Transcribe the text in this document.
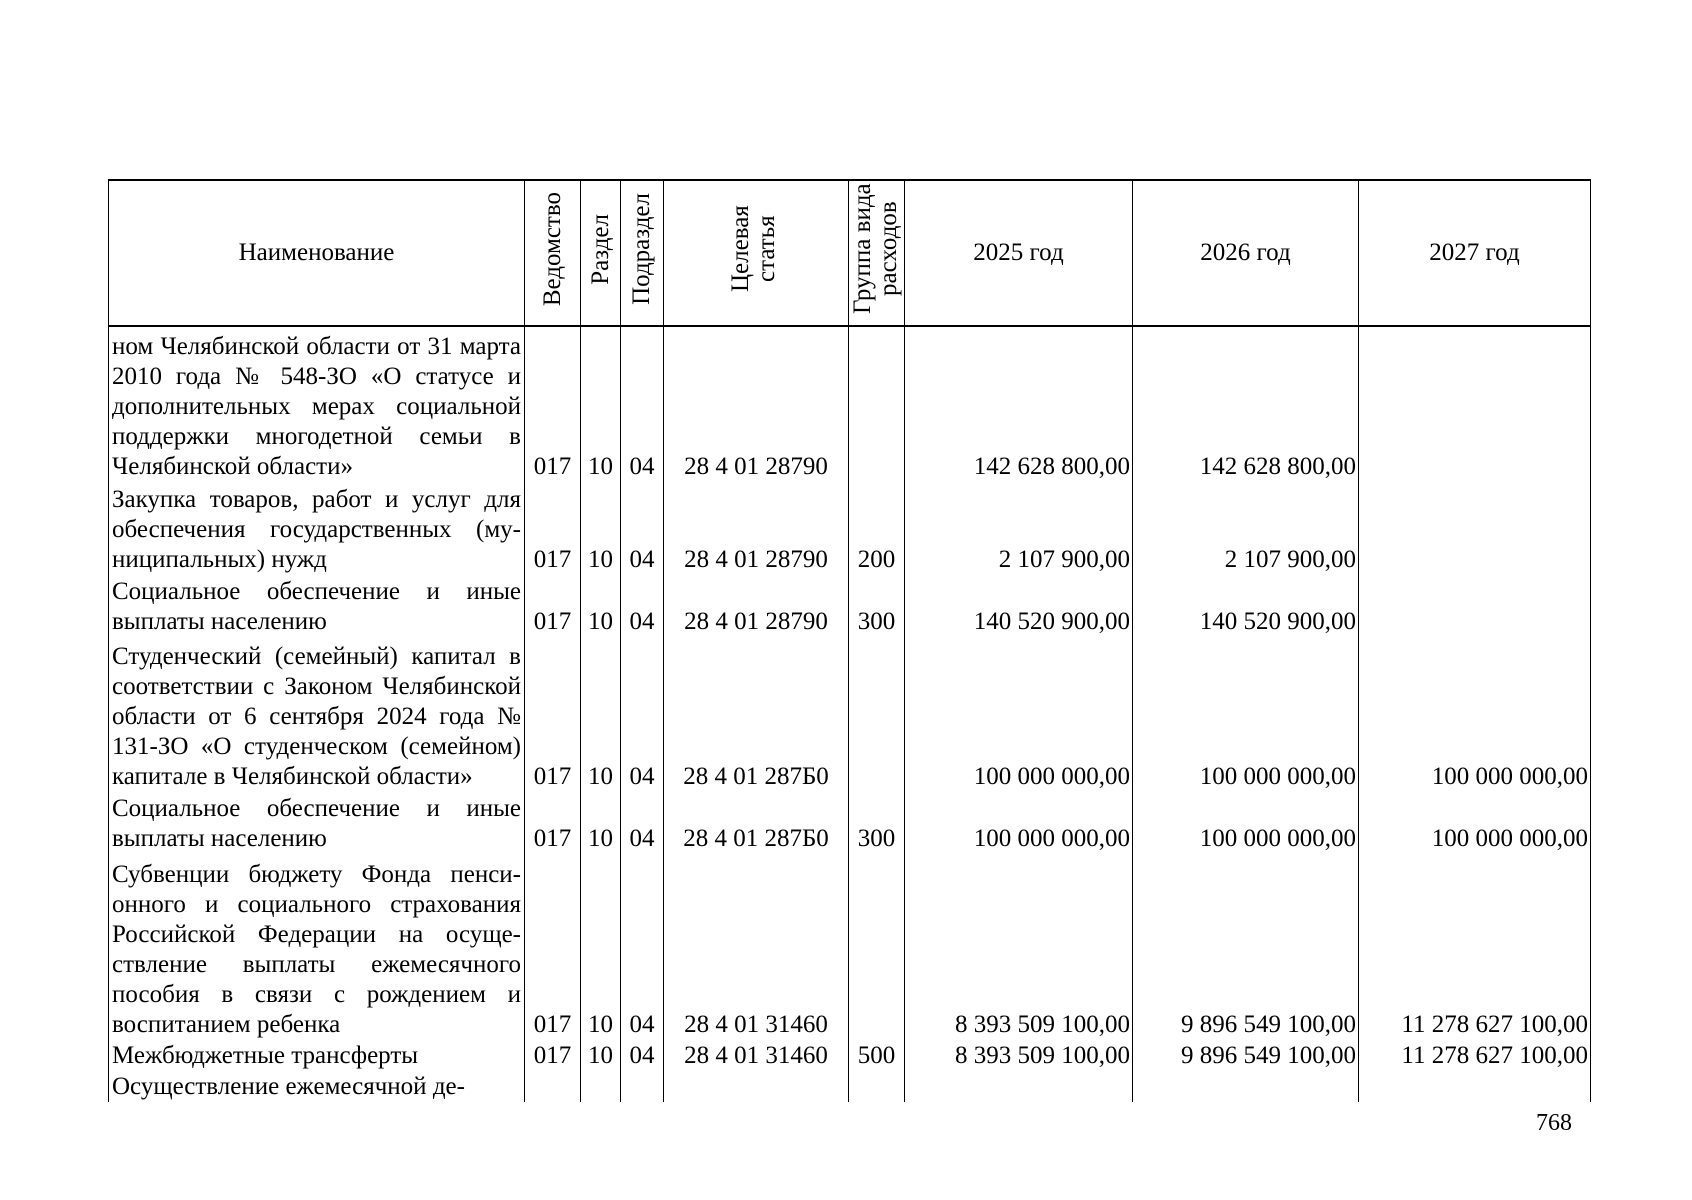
Наименование	Ведомство	Раздел	Подраздел	Целевая статья	Группа вида расходов	2025 год	2026 год	2027 год
ном Челябинской области от 31 марта 2010 года № 548-ЗО «О статусе и дополнительных мерах социальной поддержки многодетной семьи в Челябинской области»	017	10	04	28 4 01 28790		142 628 800,00	142 628 800,00	
Закупка товаров, работ и услуг для обеспечения государственных (муниципальных) нужд	017	10	04	28 4 01 28790	200	2 107 900,00	2 107 900,00	
Социальное обеспечение и иные выплаты населению	017	10	04	28 4 01 28790	300	140 520 900,00	140 520 900,00	
Студенческий (семейный) капитал в соответствии с Законом Челябинской области от 6 сентября 2024 года № 131-ЗО «О студенческом (семейном) капитале в Челябинской области»	017	10	04	28 4 01 287Б0		100 000 000,00	100 000 000,00	100 000 000,00
Социальное обеспечение и иные выплаты населению	017	10	04	28 4 01 287Б0	300	100 000 000,00	100 000 000,00	100 000 000,00
Субвенции бюджету Фонда пенсионного и социального страхования Российской Федерации на осуществление выплаты ежемесячного пособия в связи с рождением и воспитанием ребенка	017	10	04	28 4 01 31460		8 393 509 100,00	9 896 549 100,00	11 278 627 100,00
Межбюджетные трансферты	017	10	04	28 4 01 31460	500	8 393 509 100,00	9 896 549 100,00	11 278 627 100,00
Осуществление ежемесячной де-								
768
